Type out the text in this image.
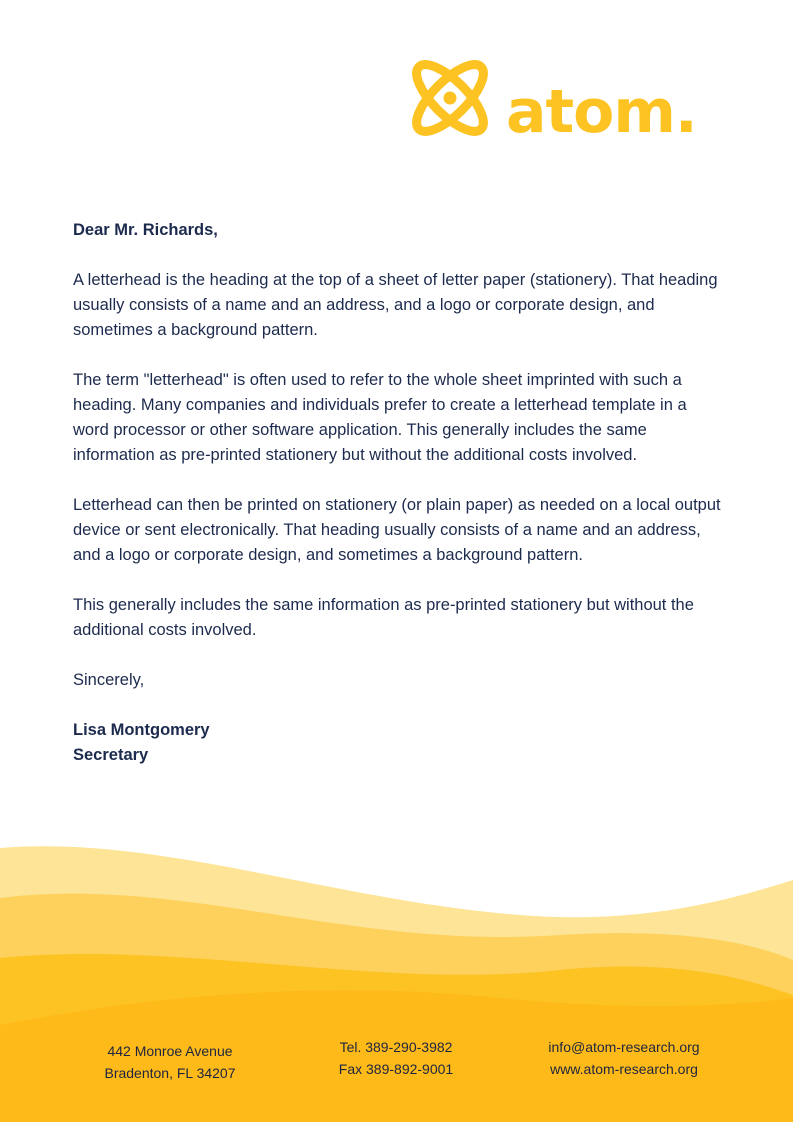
atom.

Dear Mr. Richards,

A letterhead is the heading at the top of a sheet of letter paper (stationery). That heading usually consists of a name and an address, and a logo or corporate design, and sometimes a background pattern.

The term "letterhead" is often used to refer to the whole sheet imprinted with such a heading. Many companies and individuals prefer to create a letterhead template in a word processor or other software application. This generally includes the same information as pre-printed stationery but without the additional costs involved.

Letterhead can then be printed on stationery (or plain paper) as needed on a local output device or sent electronically. That heading usually consists of a name and an address, and a logo or corporate design, and sometimes a background pattern.

This generally includes the same information as pre-printed stationery but without the additional costs involved.

Sincerely,

Lisa Montgomery

Secretary

442 Monroe Avenue
Bradenton, FL 34207
Tel. 389-290-3982
Fax 389-892-9001
info@atom-research.org
www.atom-research.org
